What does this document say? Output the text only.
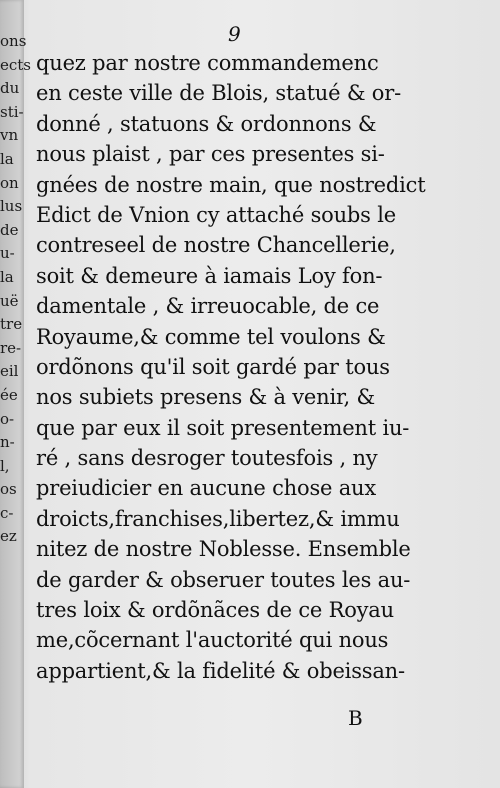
ons
ects
du
sti-
vn
la
on
lus
de
u-
la
uë
tre
re-
eil
ée
o-
n-
l,
os
c-
ez
9
quez par nostre commandemenc
en ceste ville de Blois, statué & or-
donné , statuons & ordonnons &
nous plaist , par ces presentes si-
gnées de nostre main, que nostredict
Edict de Vnion cy attaché soubs le
contreseel de nostre Chancellerie,
soit & demeure à iamais Loy fon-
damentale , & irreuocable, de ce
Royaume,& comme tel voulons &
ordõnons qu'il soit gardé par tous
nos subiets presens & à venir, &
que par eux il soit presentement iu-
ré , sans desroger toutesfois , ny
preiudicier en aucune chose aux
droicts,franchises,libertez,& immu
nitez de nostre Noblesse. Ensemble
de garder & obseruer toutes les au-
tres loix & ordõnãces de ce Royau
me,cõcernant l'auctorité qui nous
appartient,& la fidelité & obeissan-
B
